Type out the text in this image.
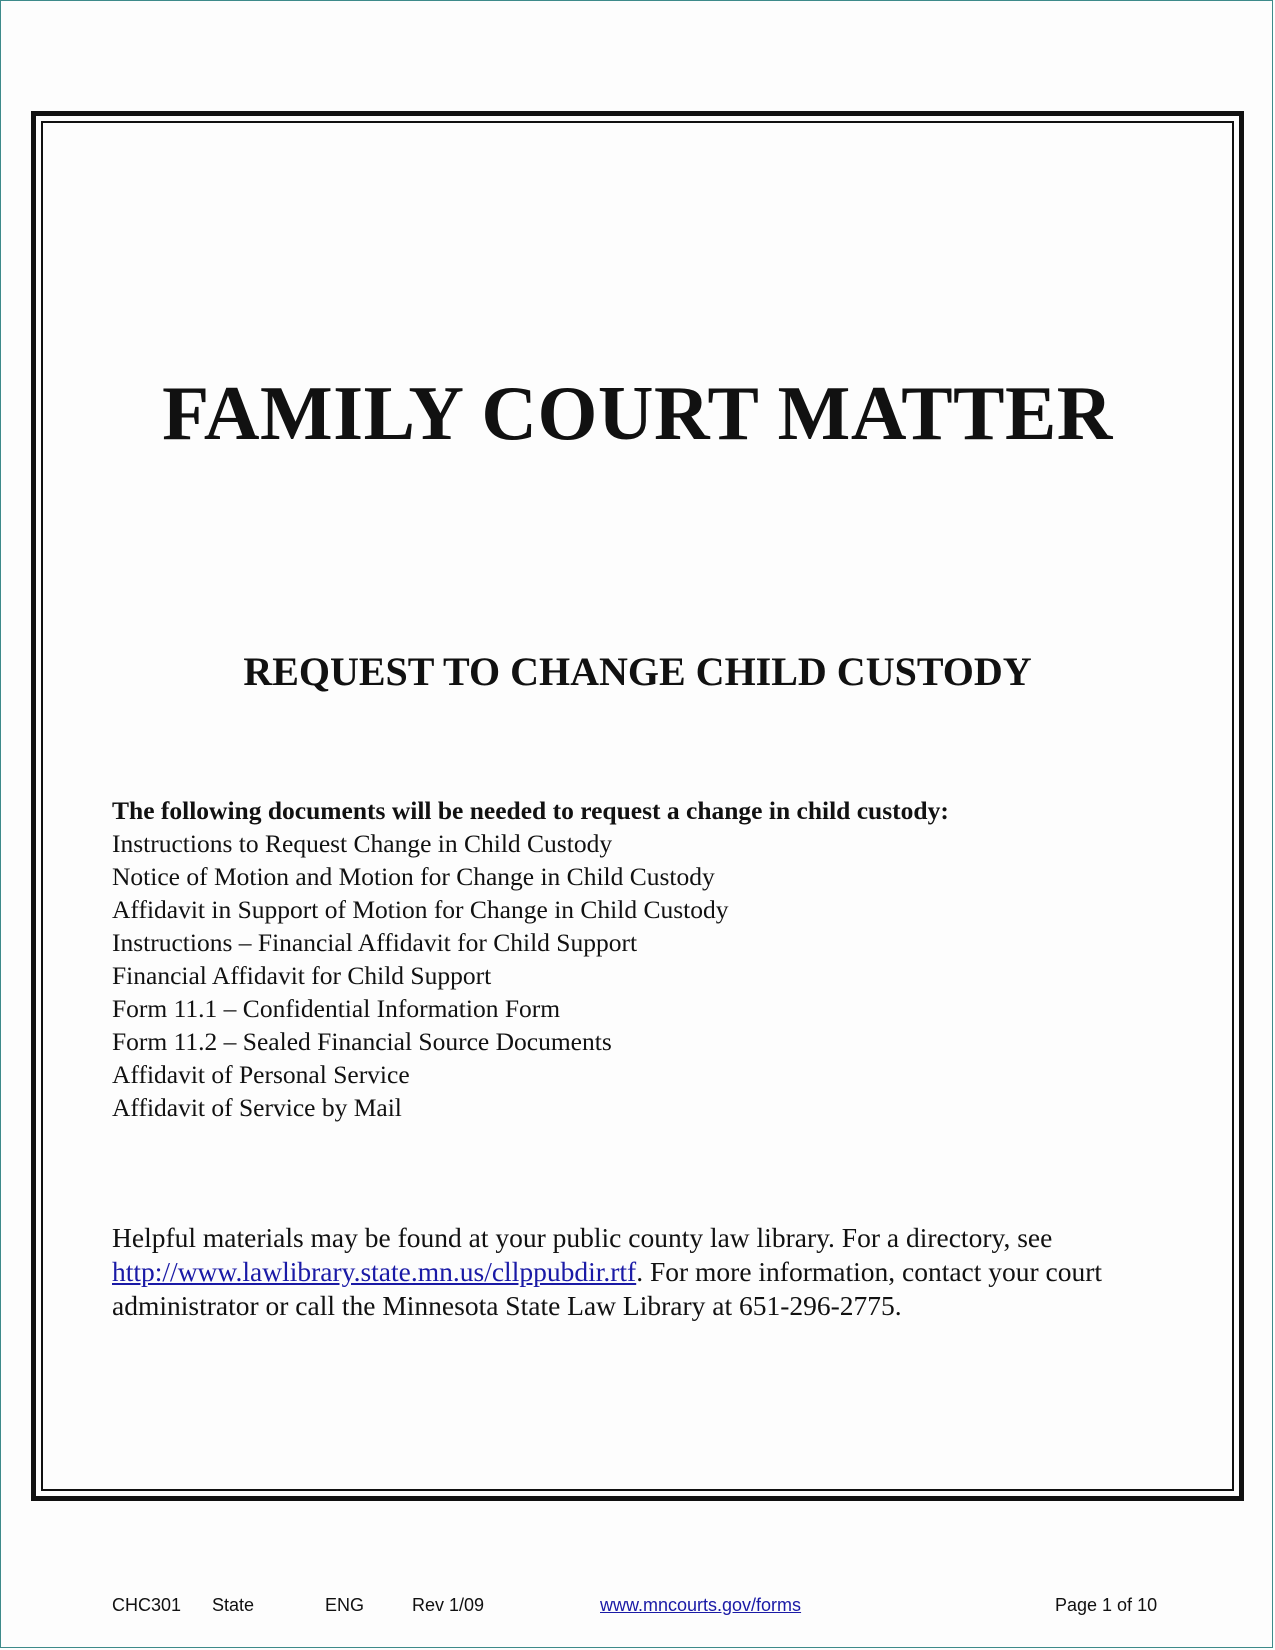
FAMILY COURT MATTER
REQUEST TO CHANGE CHILD CUSTODY
The following documents will be needed to request a change in child custody:
Instructions to Request Change in Child Custody
Notice of Motion and Motion for Change in Child Custody
Affidavit in Support of Motion for Change in Child Custody
Instructions – Financial Affidavit for Child Support
Financial Affidavit for Child Support
Form 11.1 – Confidential Information Form
Form 11.2 – Sealed Financial Source Documents
Affidavit of Personal Service
Affidavit of Service by Mail

Helpful materials may be found at your public county law library. For a directory, see http://www.lawlibrary.state.mn.us/cllppubdir.rtf. For more information, contact your court administrator or call the Minnesota State Law Library at 651-296-2775.

CHC301 State	ENG	Rev 1/09	www.mncourts.gov/forms	Page 1 of 10
